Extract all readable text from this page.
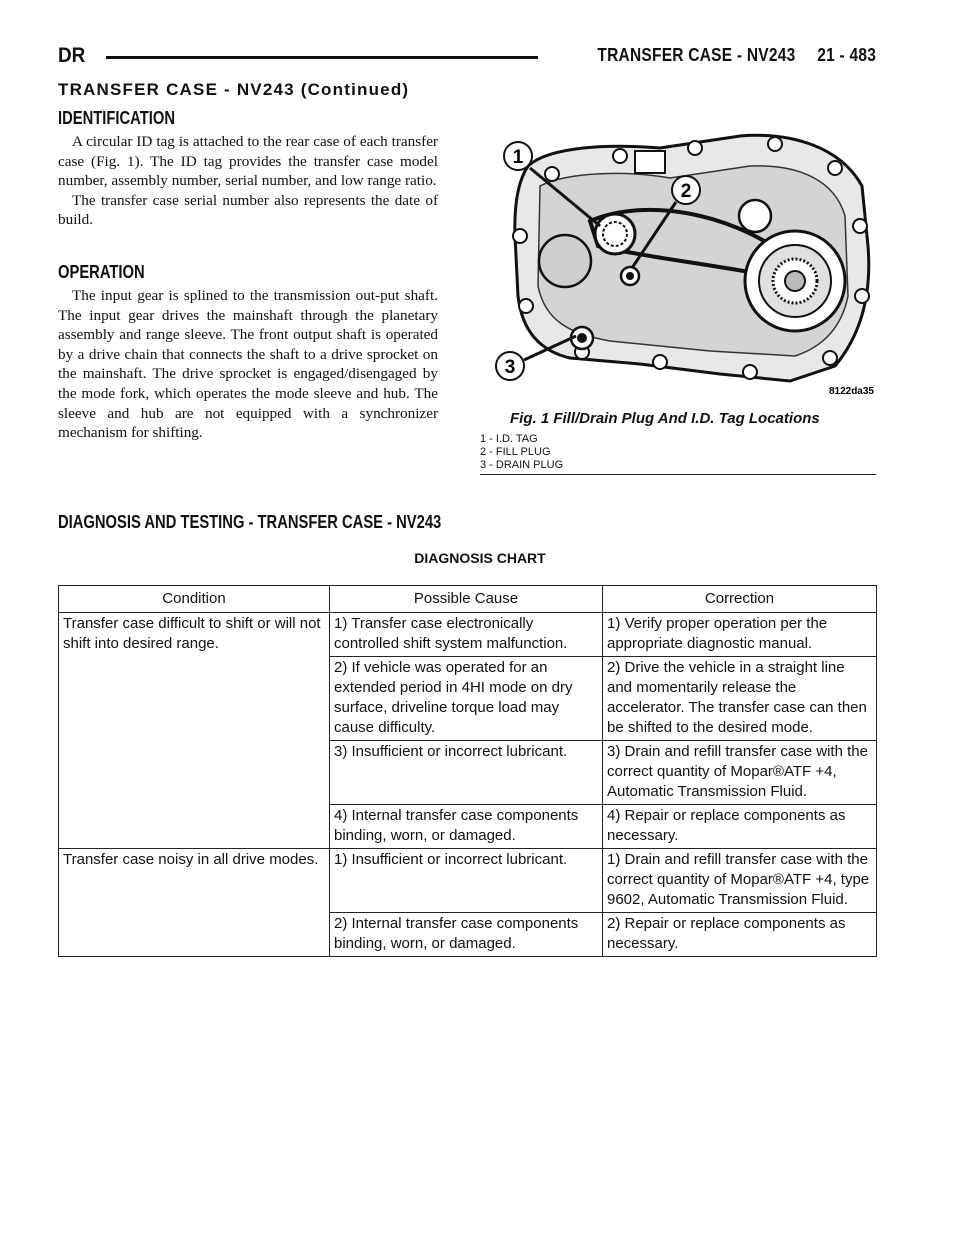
DR	TRANSFER CASE - NV243 21 - 483
TRANSFER CASE - NV243 (Continued)
IDENTIFICATION

A circular ID tag is attached to the rear case of each transfer case (Fig. 1). The ID tag provides the transfer case model number, assembly number, serial number, and low range ratio.

The transfer case serial number also represents the date of build.

OPERATION

The input gear is splined to the transmission out-put shaft. The input gear drives the mainshaft through the planetary assembly and range sleeve. The front output shaft is operated by a drive chain that connects the shaft to a drive sprocket on the mainshaft. The drive sprocket is engaged/disengaged by the mode fork, which operates the mode sleeve and hub. The sleeve and hub are not equipped with a synchronizer mechanism for shifting.

1
2
3
8122da35
Fig. 1 Fill/Drain Plug And I.D. Tag Locations
1 - I.D. TAG
2 - FILL PLUG
3 - DRAIN PLUG
DIAGNOSIS AND TESTING - TRANSFER CASE - NV243
DIAGNOSIS CHART
Condition	Possible Cause	Correction
Transfer case difficult to shift or will not shift into desired range.	1) Transfer case electronically controlled shift system malfunction.	1) Verify proper operation per the appropriate diagnostic manual.
	2) If vehicle was operated for an extended period in 4HI mode on dry surface, driveline torque load may cause difficulty.	2) Drive the vehicle in a straight line and momentarily release the accelerator. The transfer case can then be shifted to the desired mode.
	3) Insufficient or incorrect lubricant.	3) Drain and refill transfer case with the correct quantity of Mopar®ATF +4, Automatic Transmission Fluid.
	4) Internal transfer case components binding, worn, or damaged.	4) Repair or replace components as necessary.
Transfer case noisy in all drive modes.	1) Insufficient or incorrect lubricant.	1) Drain and refill transfer case with the correct quantity of Mopar®ATF +4, type 9602, Automatic Transmission Fluid.
	2) Internal transfer case components binding, worn, or damaged.	2) Repair or replace components as necessary.
